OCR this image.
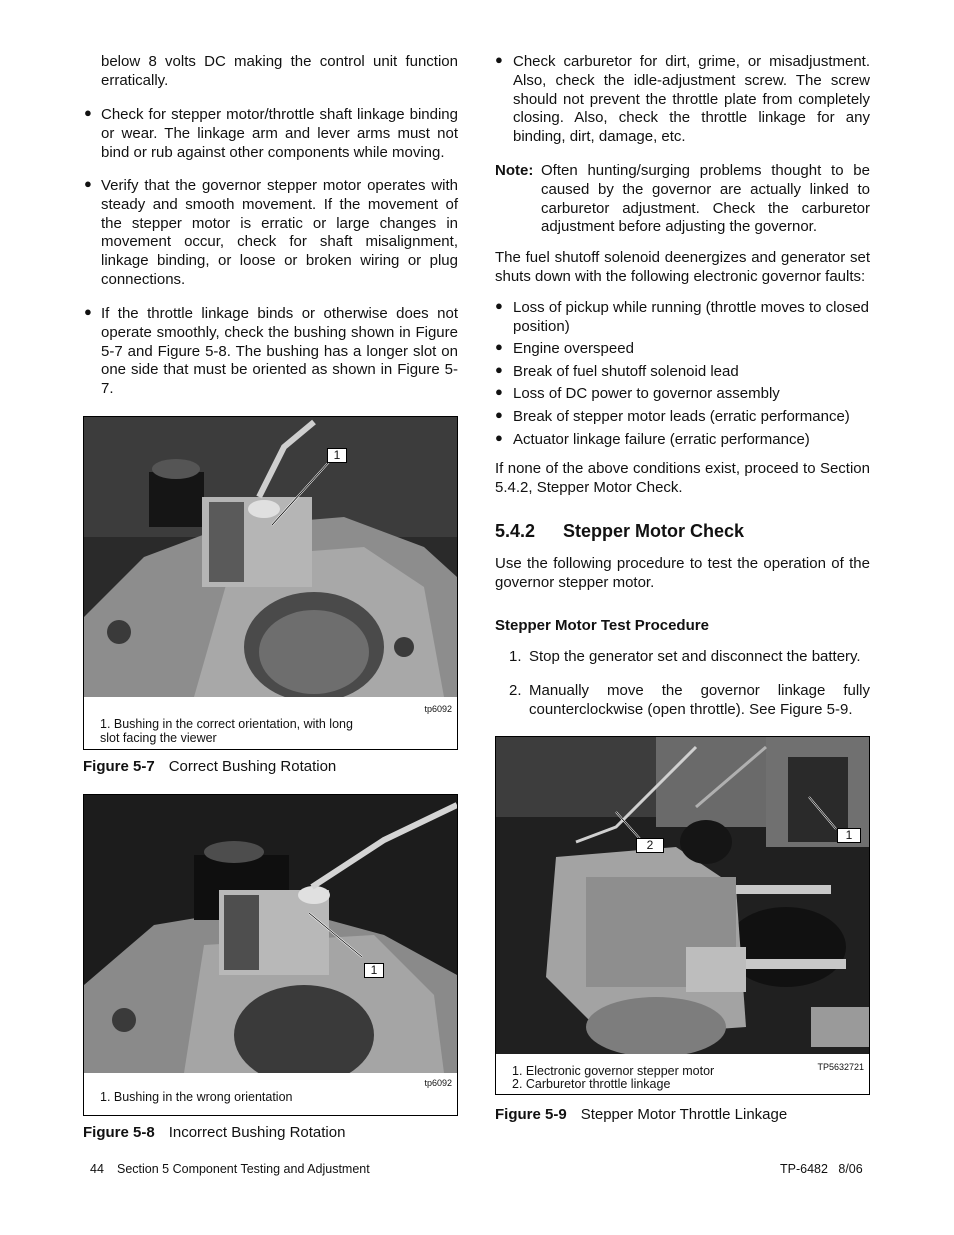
below 8 volts DC making the control unit function erratically.

● Check for stepper motor/throttle shaft linkage binding or wear. The linkage arm and lever arms must not bind or rub against other components while moving.

● Verify that the governor stepper motor operates with steady and smooth movement. If the movement of the stepper motor is erratic or large changes in movement occur, check for shaft misalignment, linkage binding, or loose or broken wiring or plug connections.

● If the throttle linkage binds or otherwise does not operate smoothly, check the bushing shown in Figure 5-7 and Figure 5-8. The bushing has a longer slot on one side that must be oriented as shown in Figure 5-7.

1
tp6092
1. Bushing in the correct orientation, with long slot facing the viewer
Figure 5-7 Correct Bushing Rotation
1
tp6092
1. Bushing in the wrong orientation
Figure 5-8 Incorrect Bushing Rotation
● Check carburetor for dirt, grime, or misadjustment. Also, check the idle-adjustment screw. The screw should not prevent the throttle plate from completely closing. Also, check the throttle linkage for any binding, dirt, damage, etc.

Note: Often hunting/surging problems thought to be caused by the governor are actually linked to carburetor adjustment. Check the carburetor adjustment before adjusting the governor.

The fuel shutoff solenoid deenergizes and generator set shuts down with the following electronic governor faults:

● Loss of pickup while running (throttle moves to closed position)

● Engine overspeed

● Break of fuel shutoff solenoid lead

● Loss of DC power to governor assembly

● Break of stepper motor leads (erratic performance)

● Actuator linkage failure (erratic performance)

If none of the above conditions exist, proceed to Section 5.4.2, Stepper Motor Check.

5.4.2 Stepper Motor Check

Use the following procedure to test the operation of the governor stepper motor.

Stepper Motor Test Procedure
1. Stop the generator set and disconnect the battery.

2. Manually move the governor linkage fully counterclockwise (open throttle). See Figure 5-9.

1
2
TP5632721
1. Electronic governor stepper motor
2. Carburetor throttle linkage
Figure 5-9 Stepper Motor Throttle Linkage
44 Section 5 Component Testing and Adjustment	TP-6482   8/06
